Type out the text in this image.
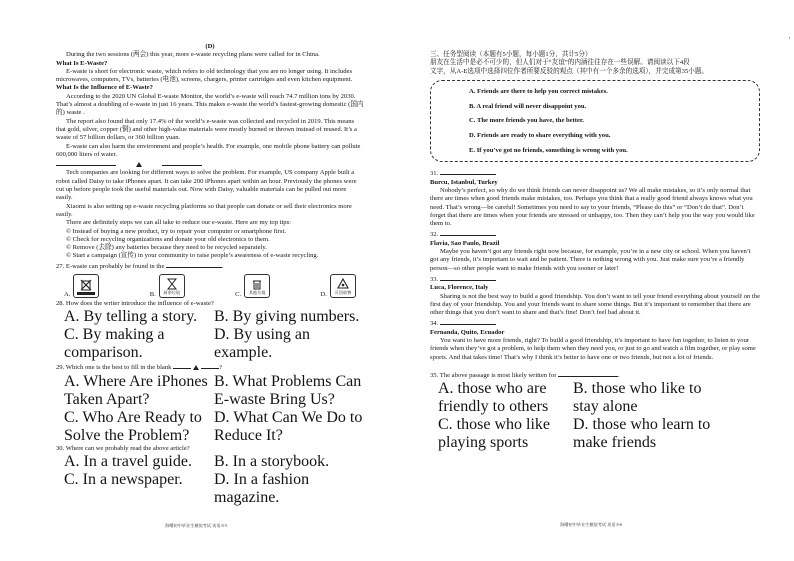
(D)

During the two sessions (两会) this year, more e-waste recycling plans were called for in China.

What Is E-Waste?

E-waste is short for electronic waste, which refers to old technology that you are no longer using. It includes microwaves, computers, TVs, batteries (电池), screens, chargers, printer cartridges and even kitchen equipment.

What Is the Influence of E-Waste?

According to the 2020 UN Global E-waste Monitor, the world’s e-waste will reach 74.7 million tons by 2030. That’s almost a doubling of e-waste in just 16 years. This makes e-waste the world’s fastest-growing domestic (国内的) waste .

The report also found that only 17.4% of the world’s e-waste was collected and recycled in 2019. This means that gold, silver, copper (铜) and other high-value materials were mostly burned or thrown instead of reused. It’s a waste of 57 billion dollars, or 360 billion yuan.

E-waste can also harm the environment and people’s health. For example, one mobile phone battery can pollute 600,000 liters of water.

Tech companies are looking for different ways to solve the problem. For example, US company Apple built a robot called Daisy to take iPhones apart. It can take 200 iPhones apart within an hour. Previously the phones were cut up before people took the useful materials out. Now with Daisy, valuable materials can be pulled out more easily.

Xiaomi is also setting up e-waste recycling platforms so that people can donate or sell their electronics more easily.

There are definitely steps we can all take to reduce our e-waste. Here are my top tips:

© Instead of buying a new product, try to repair your computer or smartphone first.

© Check for recycling organizations and donate your old electronics to them.

© Remove (去除) any batteries because they need to be recycled separately.

© Start a campaign (宣传) in your community to raise people’s awareness of e-waste recycling.

27. E-waste can probably be found in the	.

A.	B. 厨余垃圾	C. 其他垃圾	D. 可回收物

28. How does the writer introduce the influence of e-waste?

A. By telling a story.	B. By giving numbers.
C. By making a comparison.
D. By using an example.

29. Which one is the best to fill in the blank	?

A. Where Are iPhones Taken Apart?
B. What Problems Can E-waste Bring Us?
C. Who Are Ready to Solve the Problem?
D. What Can We Do to Reduce It?

30. Where can we probably read the above article?

A. In a travel guide.	B. In a storybook.
C. In a newspaper.	D. In a fashion magazine.
海曙初中毕业生模拟考试 英语 8-5
'

三、任务型阅读（本题有5小题，每小题1分，共计5分）

朋友在生活中是必不可少的，但人们对于“友谊”的内涵往往存在一些误解。请阅读以下4段

文字，从A-E选项中选择四位作者所要反驳的观点（其中有一个多余的选项），并完成第35小题。

A. Friends are there to help you correct mistakes.

B. A real friend will never disappoint you.

C. The more friends you have, the better.

D. Friends are ready to share everything with you.

E. If you’ve got no friends, something is wrong with you.

31.

Burcu, Istanbul, Turkey

Nobody’s perfect, so why do we think friends can never disappoint us? We all make mistakes, so it’s only normal that there are times when good friends make mistakes, too. Perhaps you think that a really good friend always knows what you need. That’s wrong—be careful! Sometimes you need to say to your friends, “Please do this” or “Don’t do that”. Don’t forget that there are times when your friends are stressed or unhappy, too. Then they can’t help you the way you would like them to.

32.

Flavia, Sao Paulo, Brazil

Maybe you haven’t got any friends right now because, for example, you’re in a new city or school. When you haven’t got any friends, it’s important to wait and be patient. There is nothing wrong with you. Just make sure you’re a friendly person—so other people want to make friends with you sooner or later!

33.

Luca, Florence, Italy

Sharing is not the best way to build a good friendship. You don’t want to tell your friend everything about yourself on the first day of your friendship. You and your friends want to share some things. But it’s important to remember that there are other things that you don’t want to share and that’s fine! Don’t feel bad about it.

34.

Fernanda, Quito, Ecuador

You want to have more friends, right? To build a good friendship, it’s important to have fun together, to listen to your friends when they’ve got a problem, to help them when they need you, or just to go and watch a film together, or play some sports. And that takes time! That’s why I think it’s better to have one or two friends, but not a lot of friends.

35. The above passage is most likely written for	.

A. those who are friendly to others
B. those who like to stay alone
C. those who like playing sports
D. those who learn to make friends
海曙初中毕业生模拟考试 英语 8-6
